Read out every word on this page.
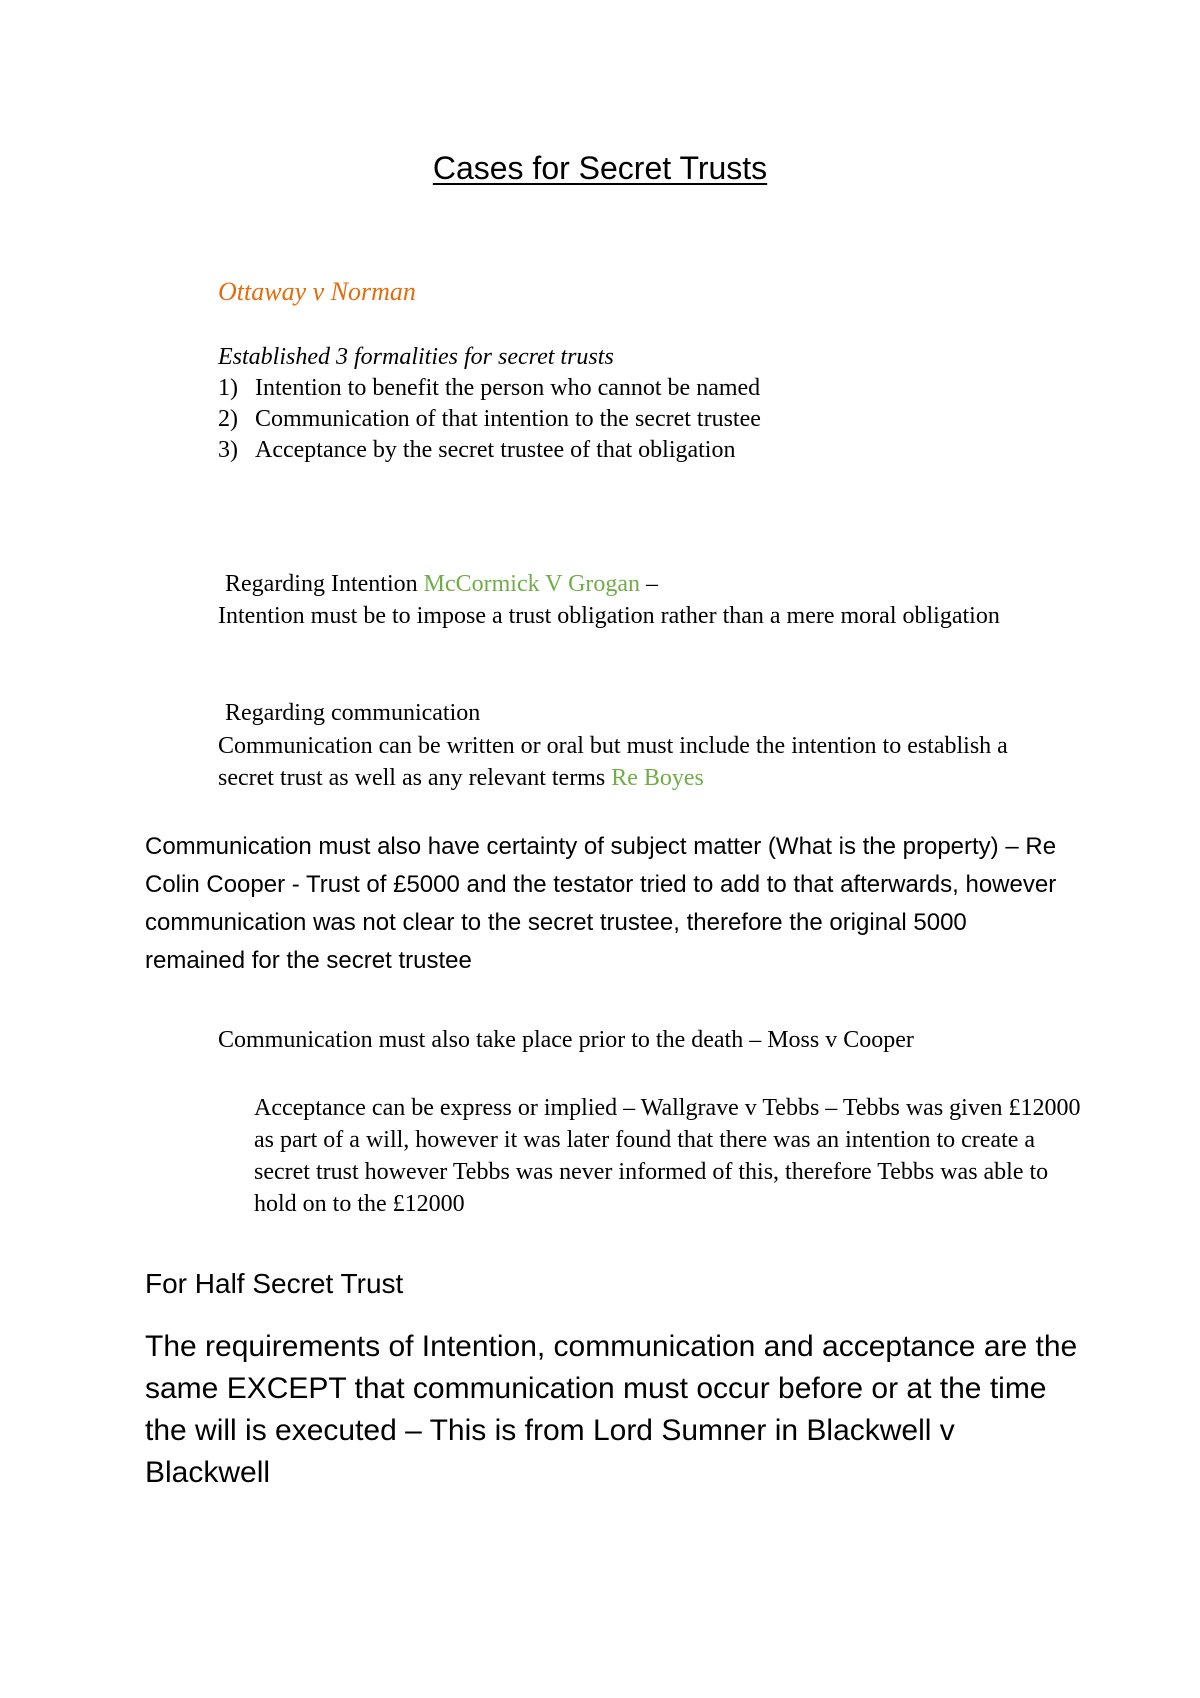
Cases for Secret Trusts
Ottaway v Norman
Established 3 formalities for secret trusts
1) Intention to benefit the person who cannot be named
2) Communication of that intention to the secret trustee
3) Acceptance by the secret trustee of that obligation
Regarding Intention McCormick V Grogan –
Intention must be to impose a trust obligation rather than a mere moral obligation
Regarding communication
Communication can be written or oral but must include the intention to establish a secret trust as well as any relevant terms Re Boyes
Communication must also have certainty of subject matter (What is the property) – Re Colin Cooper - Trust of £5000 and the testator tried to add to that afterwards, however communication was not clear to the secret trustee, therefore the original 5000 remained for the secret trustee
Communication must also take place prior to the death – Moss v Cooper
Acceptance can be express or implied – Wallgrave v Tebbs – Tebbs was given £12000 as part of a will, however it was later found that there was an intention to create a secret trust however Tebbs was never informed of this, therefore Tebbs was able to hold on to the £12000
For Half Secret Trust
The requirements of Intention, communication and acceptance are the same EXCEPT that communication must occur before or at the time the will is executed – This is from Lord Sumner in Blackwell v Blackwell
